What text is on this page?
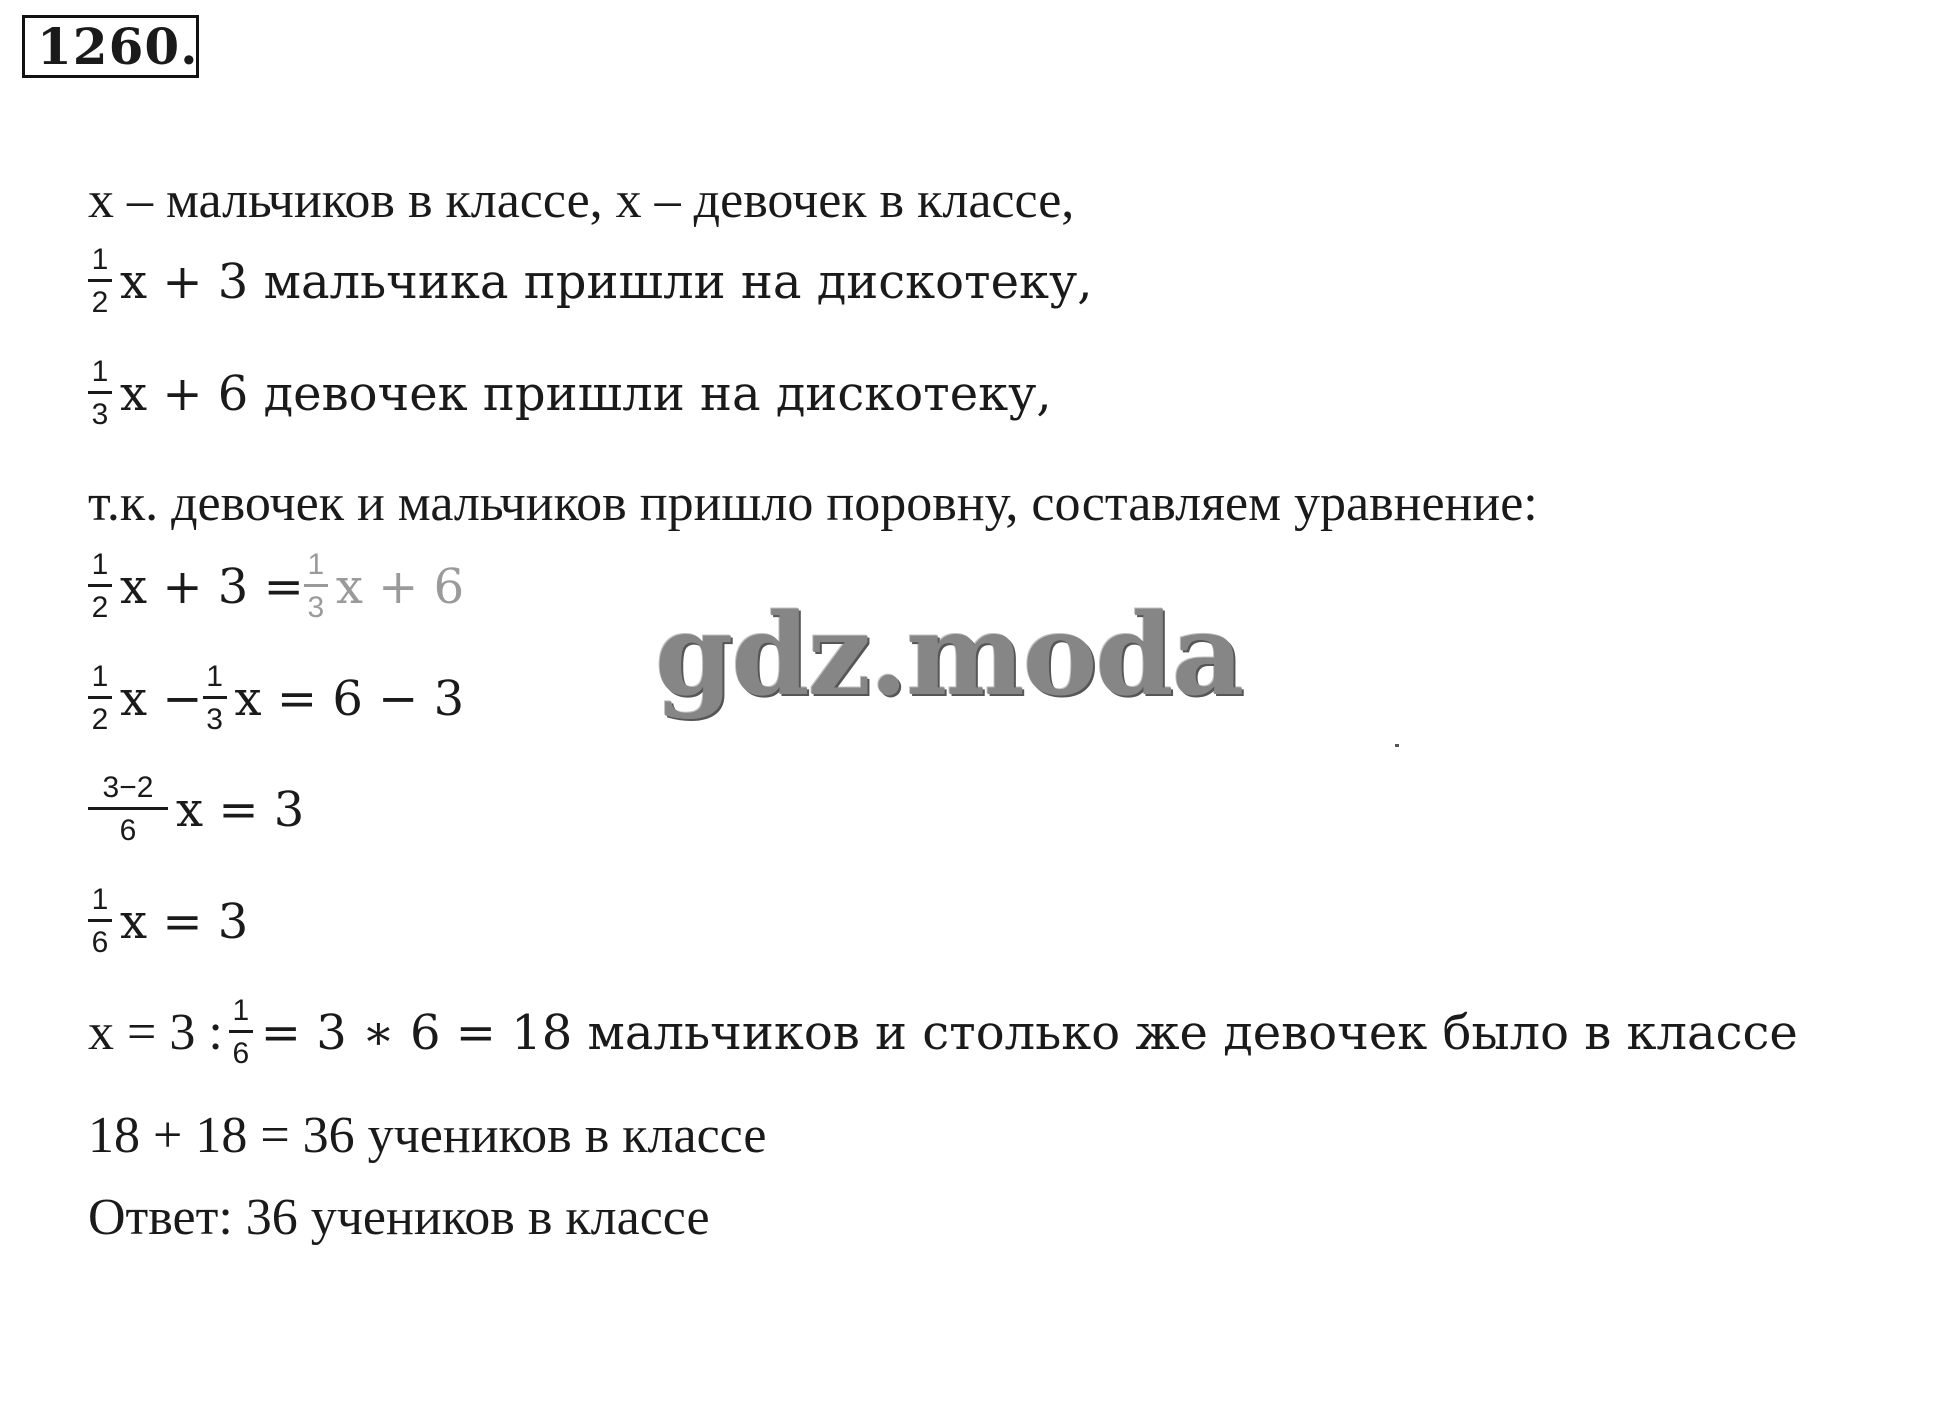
1260.
x – мальчиков в классе, x – девочек в классе,
$\frac{1}{2}$ x + 3 мальчика пришли на дискотеку,
$\frac{1}{3}$ x + 6 девочек пришли на дискотеку,
т.к. девочек и мальчиков пришло поровну, составляем уравнение:
$\frac{1}{2}$ $x + 3 = \frac{1}{3}$ x + 6
$\frac{1}{2}$ $x - \frac{1}{3}$ x = 6 − 3
$\frac{3-2}{6}$ x = 3
$\frac{1}{6}$ x = 3
x = 3 : $\frac{1}{6} = 3$ ∗ 6 = 18 мальчиков и столько же девочек было в классе
18 + 18 = 36 учеников в классе
Ответ: 36 учеников в классе
gdz.moda
